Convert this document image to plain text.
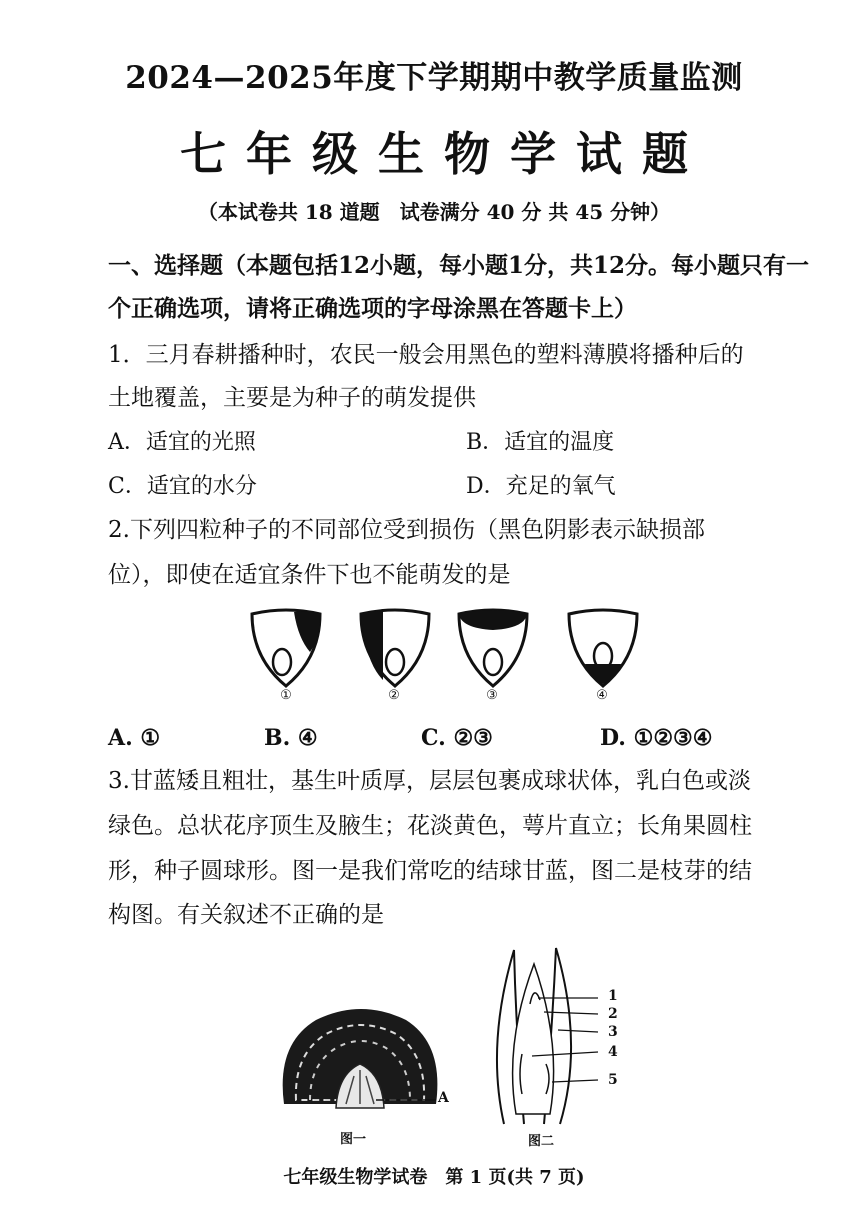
2024—2025年度下学期期中教学质量监测
七年级生物学试题
（本试卷共 18 道题　试卷满分 40 分 共 45 分钟）
一、选择题（本题包括12小题，每小题1分，共12分。每小题只有一
个正确选项，请将正确选项的字母涂黑在答题卡上）
1．三月春耕播种时，农民一般会用黑色的塑料薄膜将播种后的
土地覆盖，主要是为种子的萌发提供
A．适宜的光照	B．适宜的温度
C．适宜的水分	D．充足的氧气
2.下列四粒种子的不同部位受到损伤（黑色阴影表示缺损部
位），即使在适宜条件下也不能萌发的是
①	②	③	④
A. ①	B. ④	C. ②③	D. ①②③④
3.甘蓝矮且粗壮，基生叶质厚，层层包裹成球状体，乳白色或淡
绿色。总状花序顶生及腋生；花淡黄色，萼片直立；长角果圆柱
形，种子圆球形。图一是我们常吃的结球甘蓝，图二是枝芽的结
构图。有关叙述不正确的是
A
图一
1
2
3
4
5
图二
七年级生物学试卷　第 1 页(共 7 页)
